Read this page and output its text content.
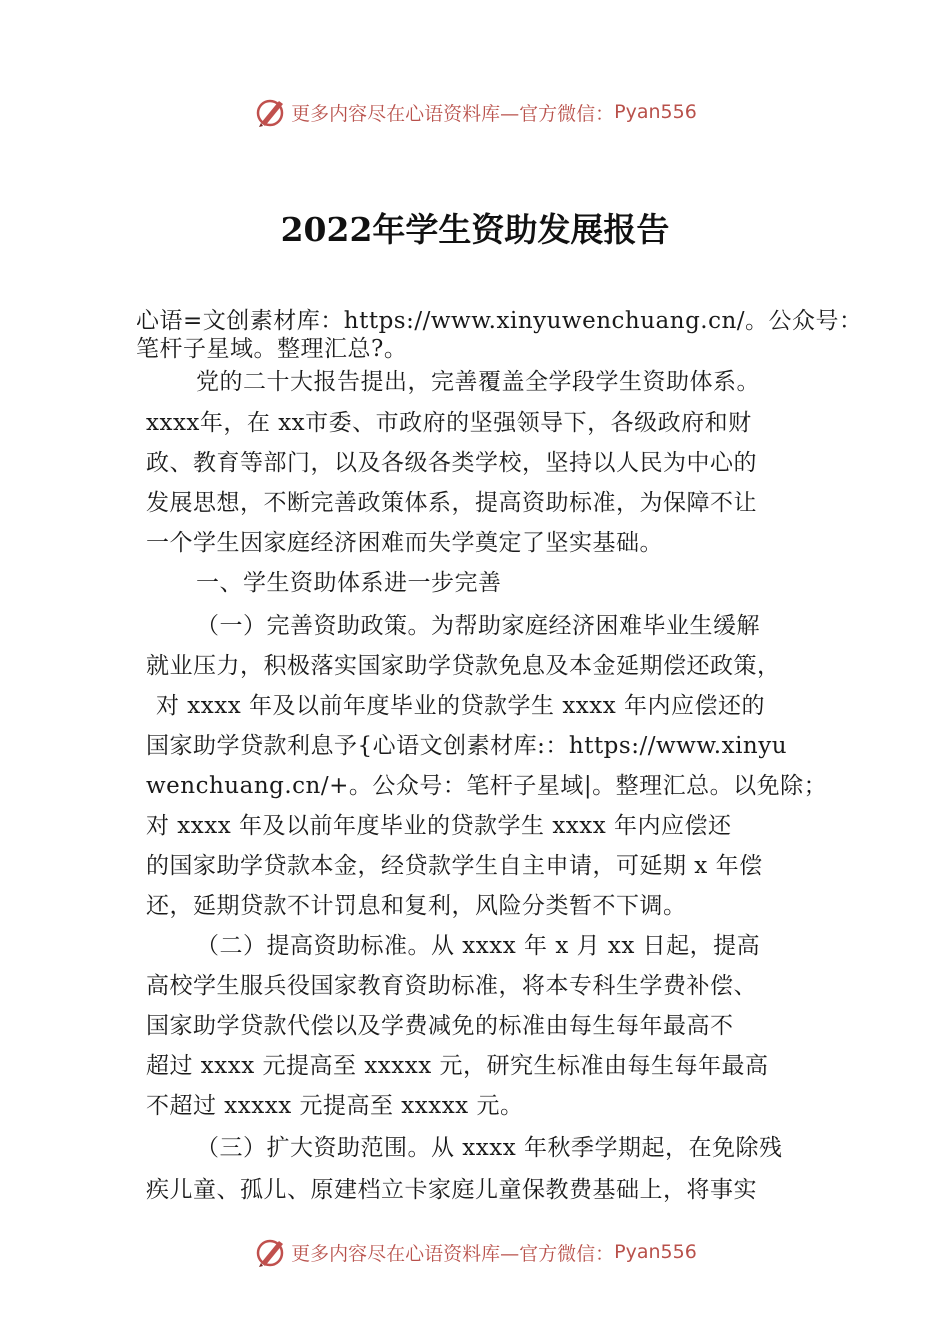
更多内容尽在心语资料库—官方微信： Pyan556
2022年学生资助发展报告
心语=文创素材库：https://www.xinyuwenchuang.cn/。公众号：
笔杆子星域。整理汇总?。
党的二十大报告提出，完善覆盖全学段学生资助体系。
xxxx年，在 xx市委、市政府的坚强领导下，各级政府和财
政、教育等部门，以及各级各类学校，坚持以人民为中心的
发展思想，不断完善政策体系，提高资助标准，为保障不让
一个学生因家庭经济困难而失学奠定了坚实基础。
一、学生资助体系进一步完善
（一）完善资助政策。为帮助家庭经济困难毕业生缓解
就业压力，积极落实国家助学贷款免息及本金延期偿还政策，
对 xxxx 年及以前年度毕业的贷款学生 xxxx 年内应偿还的
国家助学贷款利息予{心语文创素材库:：https://www.xinyu
wenchuang.cn/+。公众号：笔杆子星域|。整理汇总。以免除；
对 xxxx 年及以前年度毕业的贷款学生 xxxx 年内应偿还
的国家助学贷款本金，经贷款学生自主申请，可延期 x 年偿
还，延期贷款不计罚息和复利，风险分类暂不下调。
（二）提高资助标准。从 xxxx 年 x 月 xx 日起，提高
高校学生服兵役国家教育资助标准，将本专科生学费补偿、
国家助学贷款代偿以及学费减免的标准由每生每年最高不
超过 xxxx 元提高至 xxxxx 元，研究生标准由每生每年最高
不超过 xxxxx 元提高至 xxxxx 元。
（三）扩大资助范围。从 xxxx 年秋季学期起，在免除残
疾儿童、孤儿、原建档立卡家庭儿童保教费基础上，将事实
更多内容尽在心语资料库—官方微信： Pyan556
